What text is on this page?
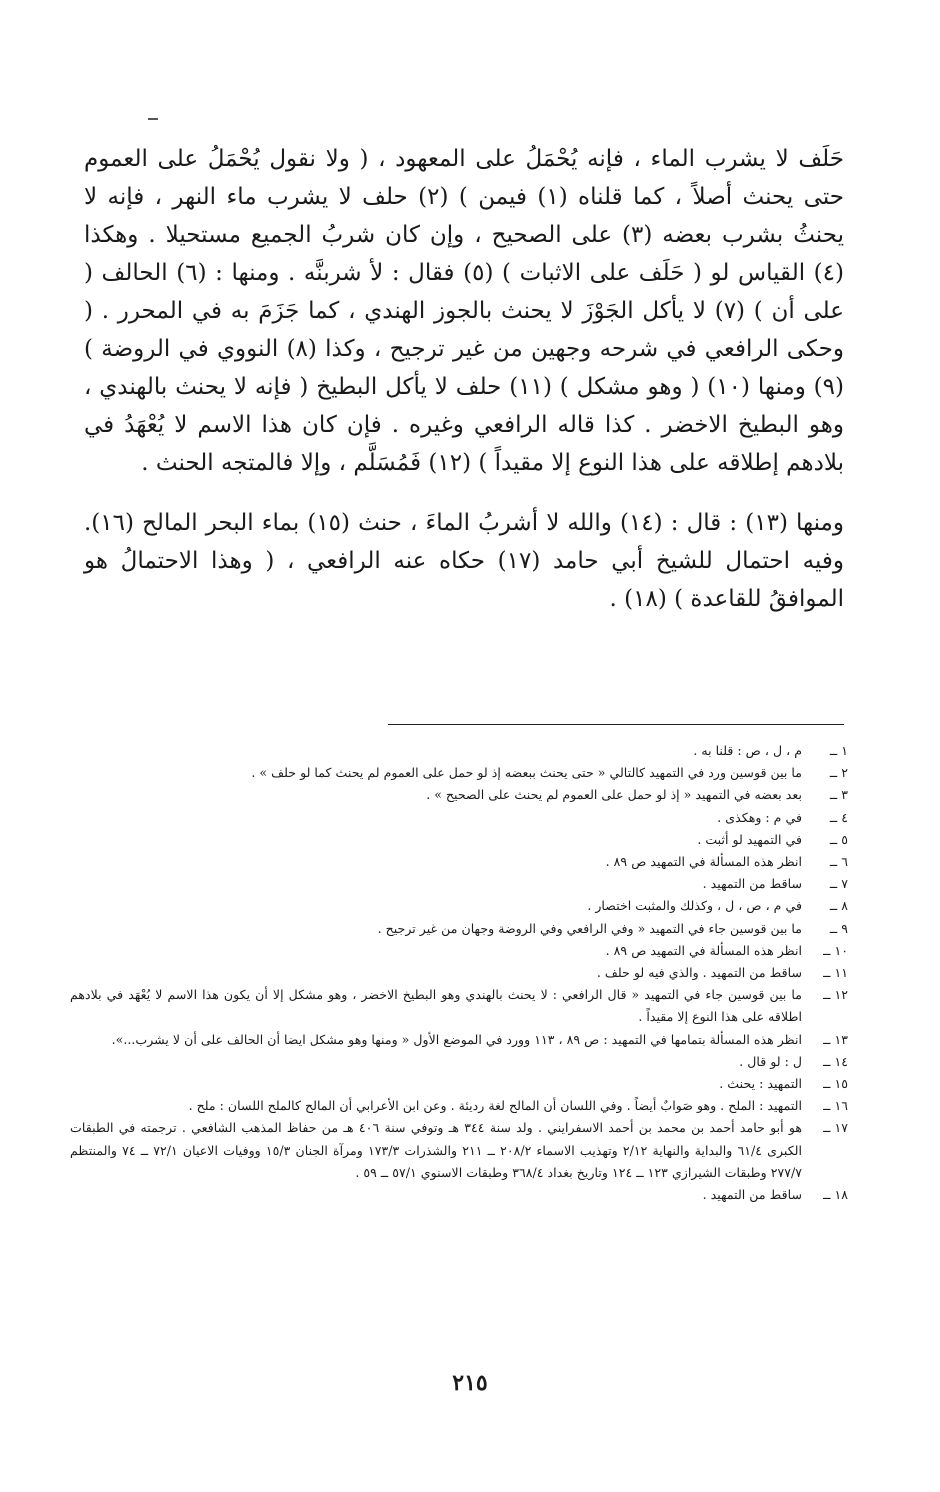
حَلَف لا يشرب الماء ، فإنه يُحْمَلُ على المعهود ، ( ولا نقول يُحْمَلُ على العموم حتى يحنث أصلاً ، كما قلناه (١) فيمن ) (٢) حلف لا يشرب ماء النهر ، فإنه لا يحنثُ بشرب بعضه (٣) على الصحيح ، وإن كان شربُ الجميع مستحيلا . وهكذا (٤) القياس لو ( حَلَف على الاثبات ) (٥) فقال : لأ شربنَّه . ومنها : (٦) الحالف ( على أن ) (٧) لا يأكل الجَوْزَ لا يحنث بالجوز الهندي ، كما جَزَمَ به في المحرر . ( وحكى الرافعي في شرحه وجهين من غير ترجيح ، وكذا (٨) النووي في الروضة ) (٩) ومنها (١٠) ( وهو مشكل ) (١١) حلف لا يأكل البطيخ ( فإنه لا يحنث بالهندي ، وهو البطيخ الاخضر . كذا قاله الرافعي وغيره . فإن كان هذا الاسم لا يُعْهَدُ في بلادهم إطلاقه على هذا النوع إلا مقيداً ) (١٢) فَمُسَلَّم ، وإلا فالمتجه الحنث .

ومنها (١٣) : قال : (١٤) والله لا أشربُ الماءَ ، حنث (١٥) بماء البحر المالح (١٦). وفيه احتمال للشيخ أبي حامد (١٧) حكاه عنه الرافعي ، ( وهذا الاحتمالُ هو الموافقُ للقاعدة ) (١٨) .

١ ــ
م ، ل ، ص : قلنا به .
٢ ــ
ما بين قوسين ورد في التمهيد كالتالي « حتى يحنث ببعضه إذ لو حمل على العموم لم يحنث كما لو حلف » .
٣ ــ
بعد بعضه في التمهيد « إذ لو حمل على العموم لم يحنث على الصحيح » .
٤ ــ
في م : وهكذى .
٥ ــ
في التمهيد لو أثبت .
٦ ــ
انظر هذه المسألة في التمهيد ص ٨٩ .
٧ ــ
ساقط من التمهيد .
٨ ــ
في م ، ص ، ل ، وكذلك والمثبت اختصار .
٩ ــ
ما بين قوسين جاء في التمهيد « وفي الرافعي وفي الروضة وجهان من غير ترجيح .
١٠ ــ
انظر هذه المسألة في التمهيد ص ٨٩ .
١١ ــ
ساقط من التمهيد . والذي فيه لو حلف .
١٢ ــ
ما بين قوسين جاء في التمهيد « قال الرافعي : لا يحنث بالهندي وهو البطيخ الاخضر ، وهو مشكل إلا أن يكون هذا الاسم لا يُعْهَد في بلادهم اطلاقه على هذا النوع إلا مقيداً .
١٣ ــ
انظر هذه المسألة بتمامها في التمهيد : ص ٨٩ ، ١١٣ وورد في الموضع الأول « ومنها وهو مشكل ايضا أن الحالف على أن لا يشرب...».
١٤ ــ
ل : لو قال .
١٥ ــ
التمهيد : يحنث .
١٦ ــ
التمهيد : الملح . وهو صَوابٌ أيضاً . وفي اللسان أن المالح لغة رديئة . وعن ابن الأعرابي أن المالح كالملح اللسان : ملح .
١٧ ــ
هو أبو حامد أحمد بن محمد بن أحمد الاسفرايني . ولد سنة ٣٤٤ هـ وتوفي سنة ٤٠٦ هـ من حفاظ المذهب الشافعي . ترجمته في الطبقات الكبرى ٦١/٤ والبداية والنهاية ٢/١٢ وتهذيب الاسماء ٢٠٨/٢ ــ ٢١١ والشذرات ١٧٣/٣ ومرآة الجنان ١٥/٣ ووفيات الاعيان ٧٢/١ ــ ٧٤ والمنتظم ٢٧٧/٧ وطبقات الشيرازي ١٢٣ ــ ١٢٤ وتاريخ بغداد ٣٦٨/٤ وطبقات الاسنوي ٥٧/١ ــ ٥٩ .
١٨ ــ
ساقط من التمهيد .
٢١٥
